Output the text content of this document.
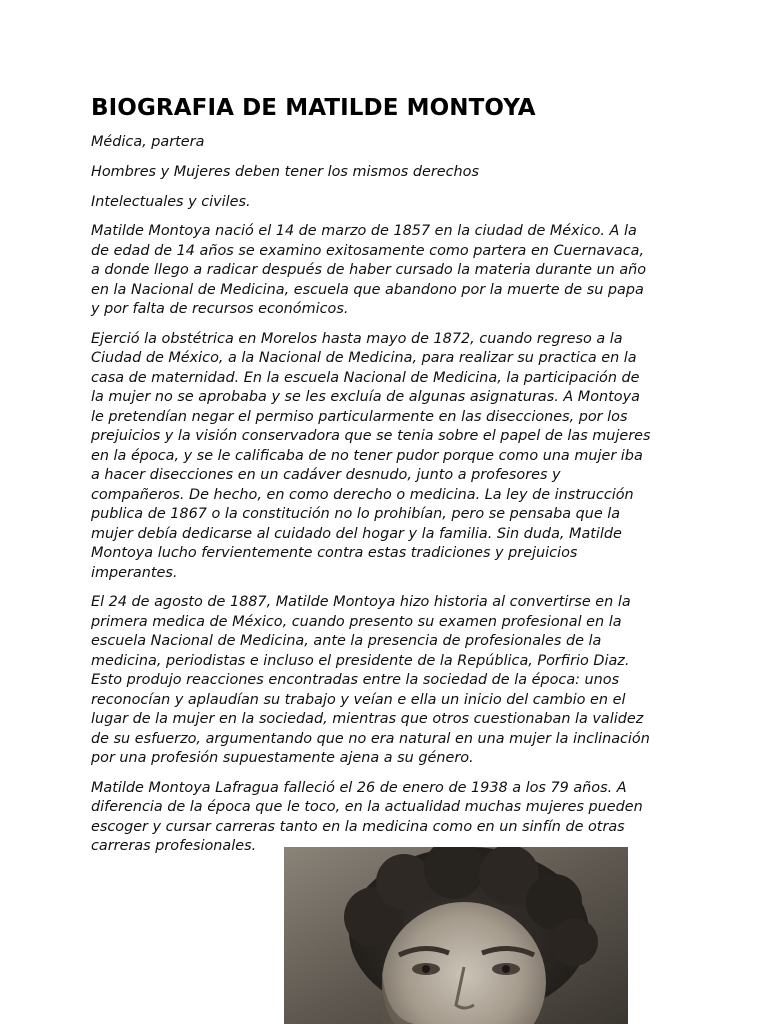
BIOGRAFIA DE MATILDE MONTOYA

Médica, partera

Hombres y Mujeres deben tener los mismos derechos

Intelectuales y civiles.

Matilde Montoya nació el 14 de marzo de 1857 en la ciudad de México. A la
de edad de 14 años se examino exitosamente como partera en Cuernavaca,
a donde llego a radicar después de haber cursado la materia durante un año
en la Nacional de Medicina, escuela que abandono por la muerte de su papa
y por falta de recursos económicos.

Ejerció la obstétrica en Morelos hasta mayo de 1872, cuando regreso a la
Ciudad de México, a la Nacional de Medicina, para realizar su practica en la
casa de maternidad. En la escuela Nacional de Medicina, la participación de
la mujer no se aprobaba y se les excluía de algunas asignaturas. A Montoya
le pretendían negar el permiso particularmente en las disecciones, por los
prejuicios y la visión conservadora que se tenia sobre el papel de las mujeres
en la época, y se le calificaba de no tener pudor porque como una mujer iba
a hacer disecciones en un cadáver desnudo, junto a profesores y
compañeros. De hecho, en como derecho o medicina. La ley de instrucción
publica de 1867 o la constitución no lo prohibían, pero se pensaba que la
mujer debía dedicarse al cuidado del hogar y la familia. Sin duda, Matilde
Montoya lucho fervientemente contra estas tradiciones y prejuicios
imperantes.

El 24 de agosto de 1887, Matilde Montoya hizo historia al convertirse en la
primera medica de México, cuando presento su examen profesional en la
escuela Nacional de Medicina, ante la presencia de profesionales de la
medicina, periodistas e incluso el presidente de la República, Porfirio Diaz.
Esto produjo reacciones encontradas entre la sociedad de la época: unos
reconocían y aplaudían su trabajo y veían e ella un inicio del cambio en el
lugar de la mujer en la sociedad, mientras que otros cuestionaban la validez
de su esfuerzo, argumentando que no era natural en una mujer la inclinación
por una profesión supuestamente ajena a su género.

Matilde Montoya Lafragua falleció el 26 de enero de 1938 a los 79 años. A
diferencia de la época que le toco, en la actualidad muchas mujeres pueden
escoger y cursar carreras tanto en la medicina como en un sinfín de otras
carreras profesionales.
